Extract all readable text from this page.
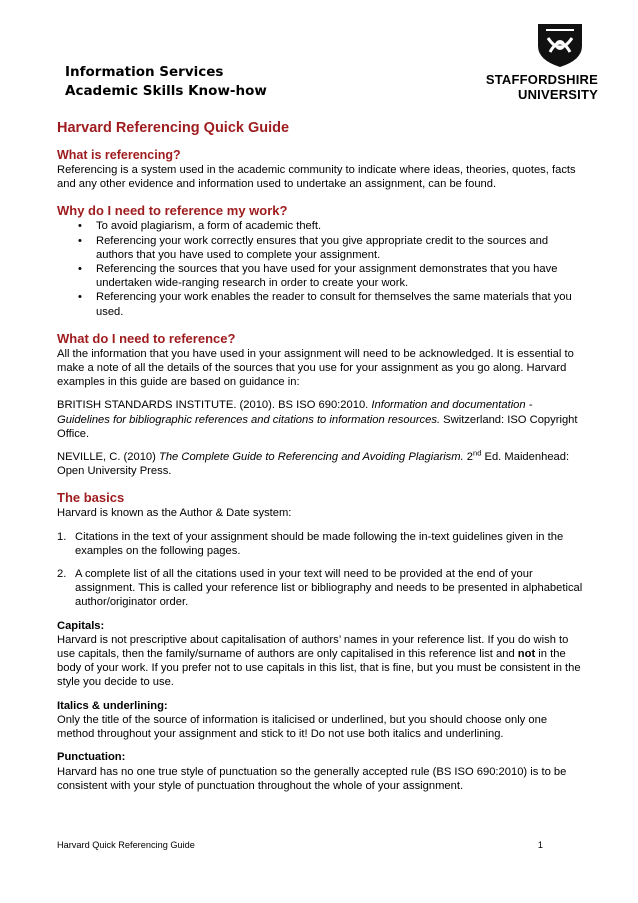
Information Services
Academic Skills Know-how
STAFFORDSHIRE
UNIVERSITY
Harvard Referencing Quick Guide
What is referencing?

Referencing is a system used in the academic community to indicate where ideas, theories, quotes, facts and any other evidence and information used to undertake an assignment, can be found.

Why do I need to reference my work?
• To avoid plagiarism, a form of academic theft.
• Referencing your work correctly ensures that you give appropriate credit to the sources and authors that you have used to complete your assignment.
• Referencing the sources that you have used for your assignment demonstrates that you have undertaken wide-ranging research in order to create your work.
• Referencing your work enables the reader to consult for themselves the same materials that you used.
What do I need to reference?

All the information that you have used in your assignment will need to be acknowledged. It is essential to make a note of all the details of the sources that you use for your assignment as you go along. Harvard examples in this guide are based on guidance in:

BRITISH STANDARDS INSTITUTE. (2010). BS ISO 690:2010. Information and documentation - Guidelines for bibliographic references and citations to information resources. Switzerland: ISO Copyright Office.

NEVILLE, C. (2010) The Complete Guide to Referencing and Avoiding Plagiarism. 2nd Ed. Maidenhead: Open University Press.

The basics

Harvard is known as the Author & Date system:

1. Citations in the text of your assignment should be made following the in-text guidelines given in the examples on the following pages.
2. A complete list of all the citations used in your text will need to be provided at the end of your assignment. This is called your reference list or bibliography and needs to be presented in alphabetical author/originator order.

Capitals:

Harvard is not prescriptive about capitalisation of authors’ names in your reference list. If you do wish to use capitals, then the family/surname of authors are only capitalised in this reference list and not in the body of your work. If you prefer not to use capitals in this list, that is fine, but you must be consistent in the style you decide to use.

Italics & underlining:

Only the title of the source of information is italicised or underlined, but you should choose only one method throughout your assignment and stick to it! Do not use both italics and underlining.

Punctuation:

Harvard has no one true style of punctuation so the generally accepted rule (BS ISO 690:2010) is to be consistent with your style of punctuation throughout the whole of your assignment.

Harvard Quick Referencing Guide	1
